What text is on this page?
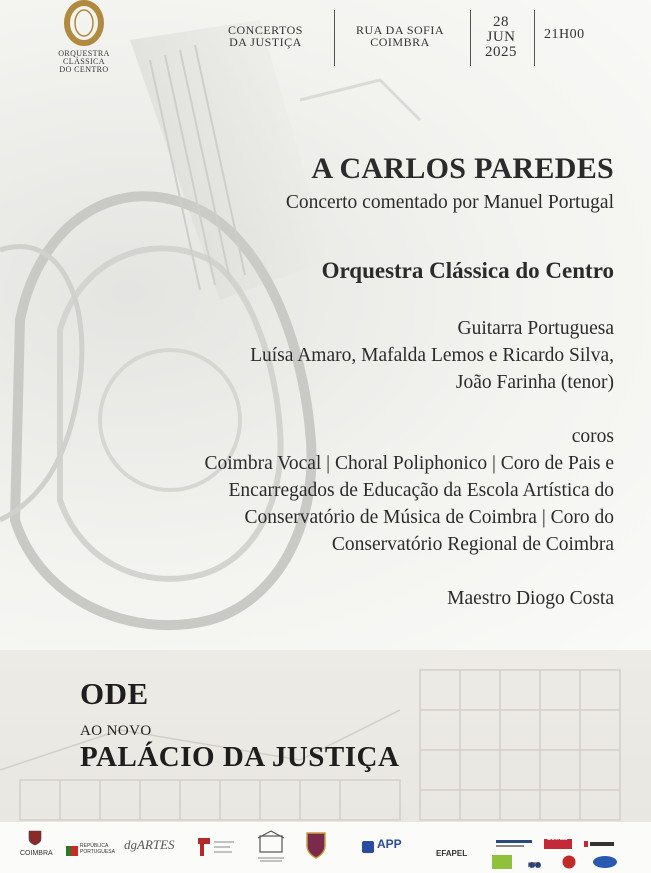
ORQUESTRA
CLÁSSICA
DO CENTRO
CONCERTOS
DA JUSTIÇA
RUA DA SOFIA
COIMBRA
28
JUN
2025
21H00
A CARLOS PAREDES
Concerto comentado por Manuel Portugal
Orquestra Clássica do Centro
Guitarra Portuguesa
Luísa Amaro, Mafalda Lemos e Ricardo Silva,
João Farinha (tenor)
coros
Coimbra Vocal | Choral Poliphonico | Coro de Pais e
Encarregados de Educação da Escola Artística do
Conservatório de Música de Coimbra | Coro do
Conservatório Regional de Coimbra
Maestro Diogo Costa
ODE
AO NOVO
PALÁCIO DA JUSTIÇA
COIMBRA
REPÚBLICA PORTUGUESA dgARTES	APP
EFAPEL
beiras
RTP
